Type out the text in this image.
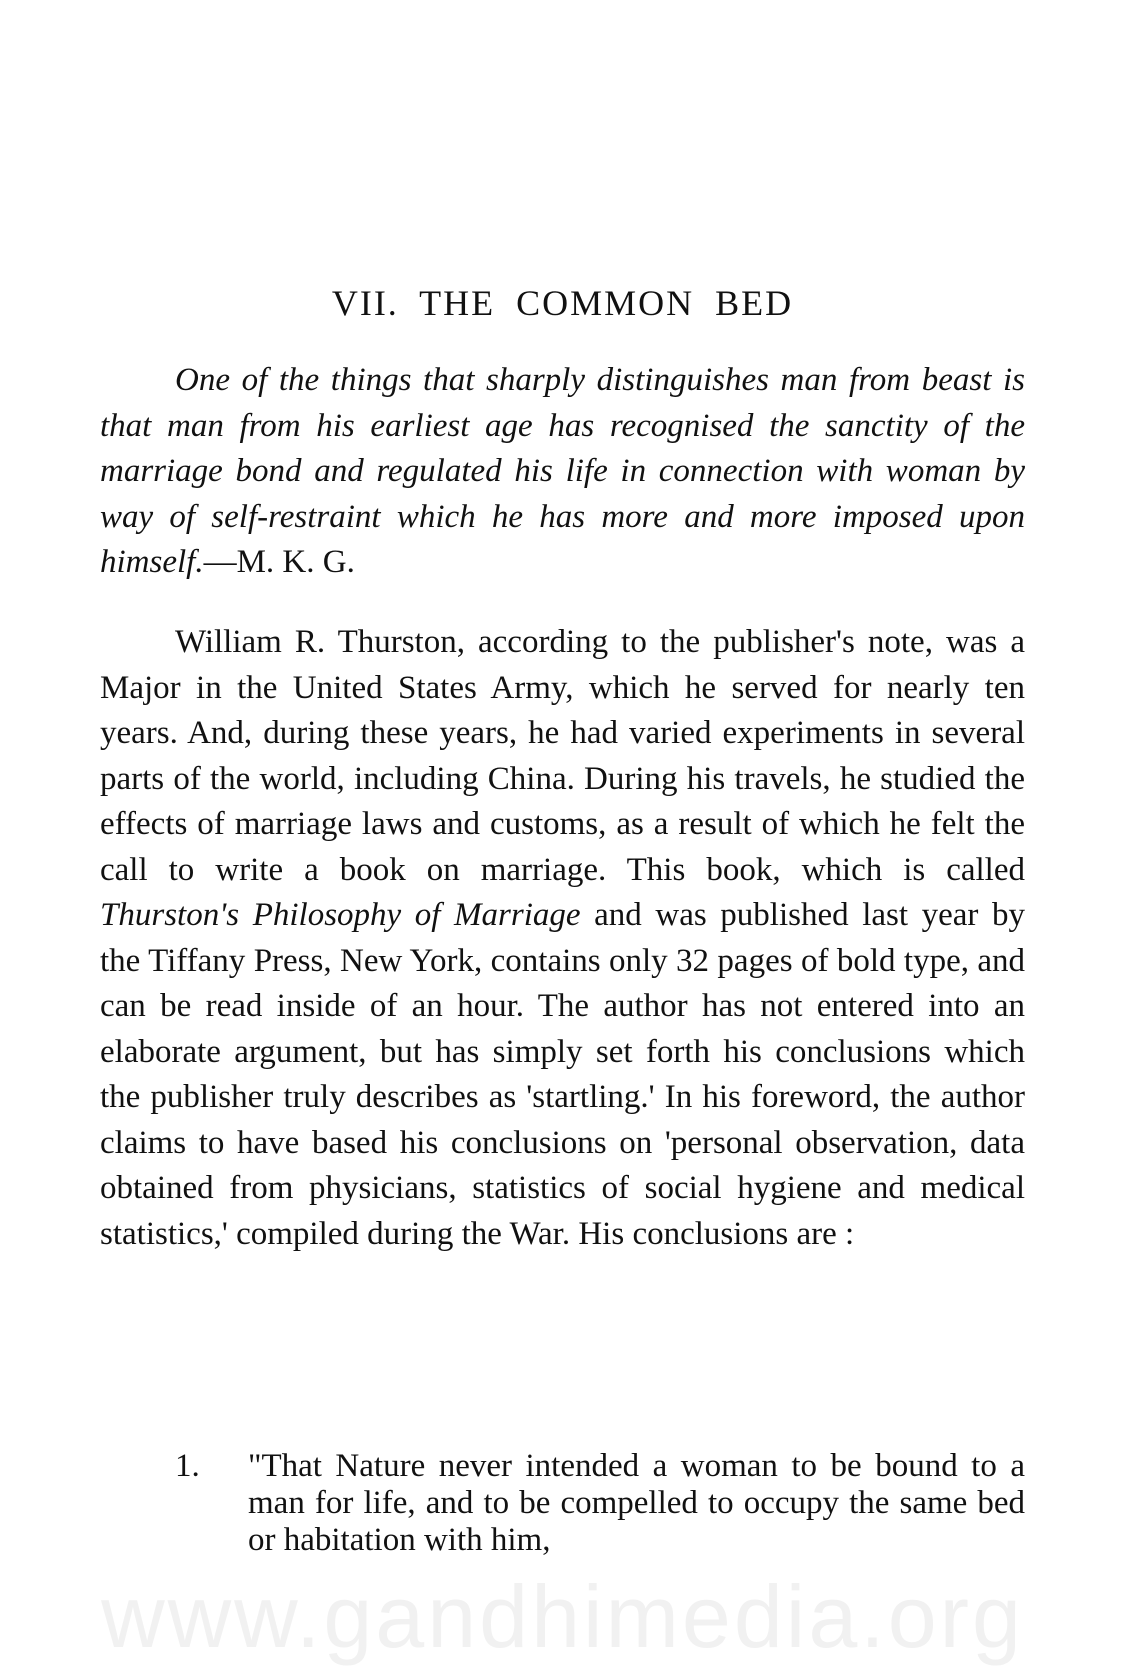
VII. THE COMMON BED

One of the things that sharply distinguishes man from beast is that man from his earliest age has recognised the sanctity of the marriage bond and regulated his life in connection with woman by way of self-restraint which he has more and more imposed upon himself.—M. K. G.

William R. Thurston, according to the publisher's note, was a Major in the United States Army, which he served for nearly ten years. And, during these years, he had varied experiments in several parts of the world, including China. During his travels, he studied the effects of marriage laws and customs, as a result of which he felt the call to write a book on marriage. This book, which is called Thurston's Philosophy of Marriage and was published last year by the Tiffany Press, New York, contains only 32 pages of bold type, and can be read inside of an hour. The author has not entered into an elaborate argument, but has simply set forth his conclusions which the publisher truly describes as 'startling.' In his foreword, the author claims to have based his conclusions on 'personal observation, data obtained from physicians, statistics of social hygiene and medical statistics,' compiled during the War. His conclusions are :

1. "That Nature never intended a woman to be bound to a man for life, and to be compelled to occupy the same bed or habitation with him,
www.gandhimedia.org
